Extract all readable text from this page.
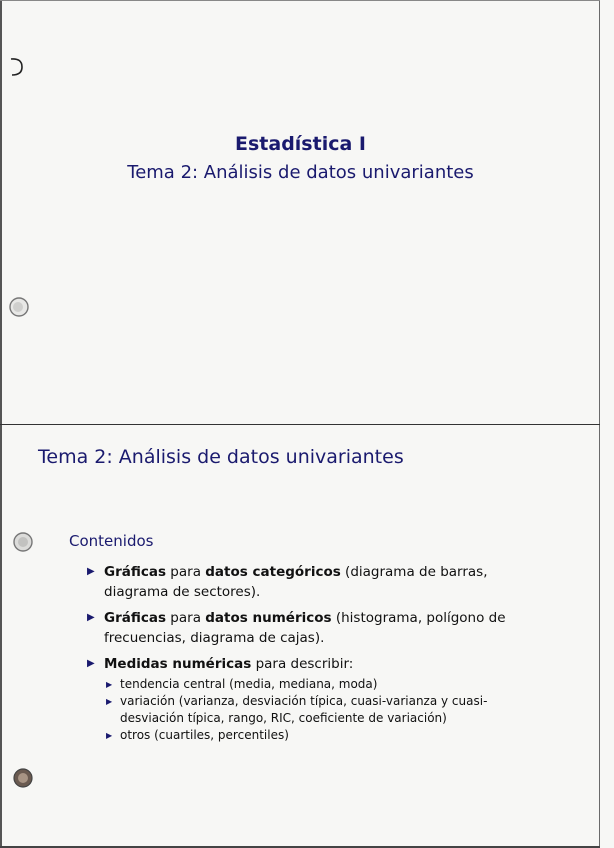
Estadística I
Tema 2: Análisis de datos univariantes
Tema 2: Análisis de datos univariantes
Contenidos
▶ Gráficas para datos categóricos (diagrama de barras, diagrama de sectores).
▶ Gráficas para datos numéricos (histograma, polígono de frecuencias, diagrama de cajas).
▶ Medidas numéricas para describir:
▶ tendencia central (media, mediana, moda)
▶ variación (varianza, desviación típica, cuasi-varianza y cuasi-desviación típica, rango, RIC, coeficiente de variación)
▶ otros (cuartiles, percentiles)
